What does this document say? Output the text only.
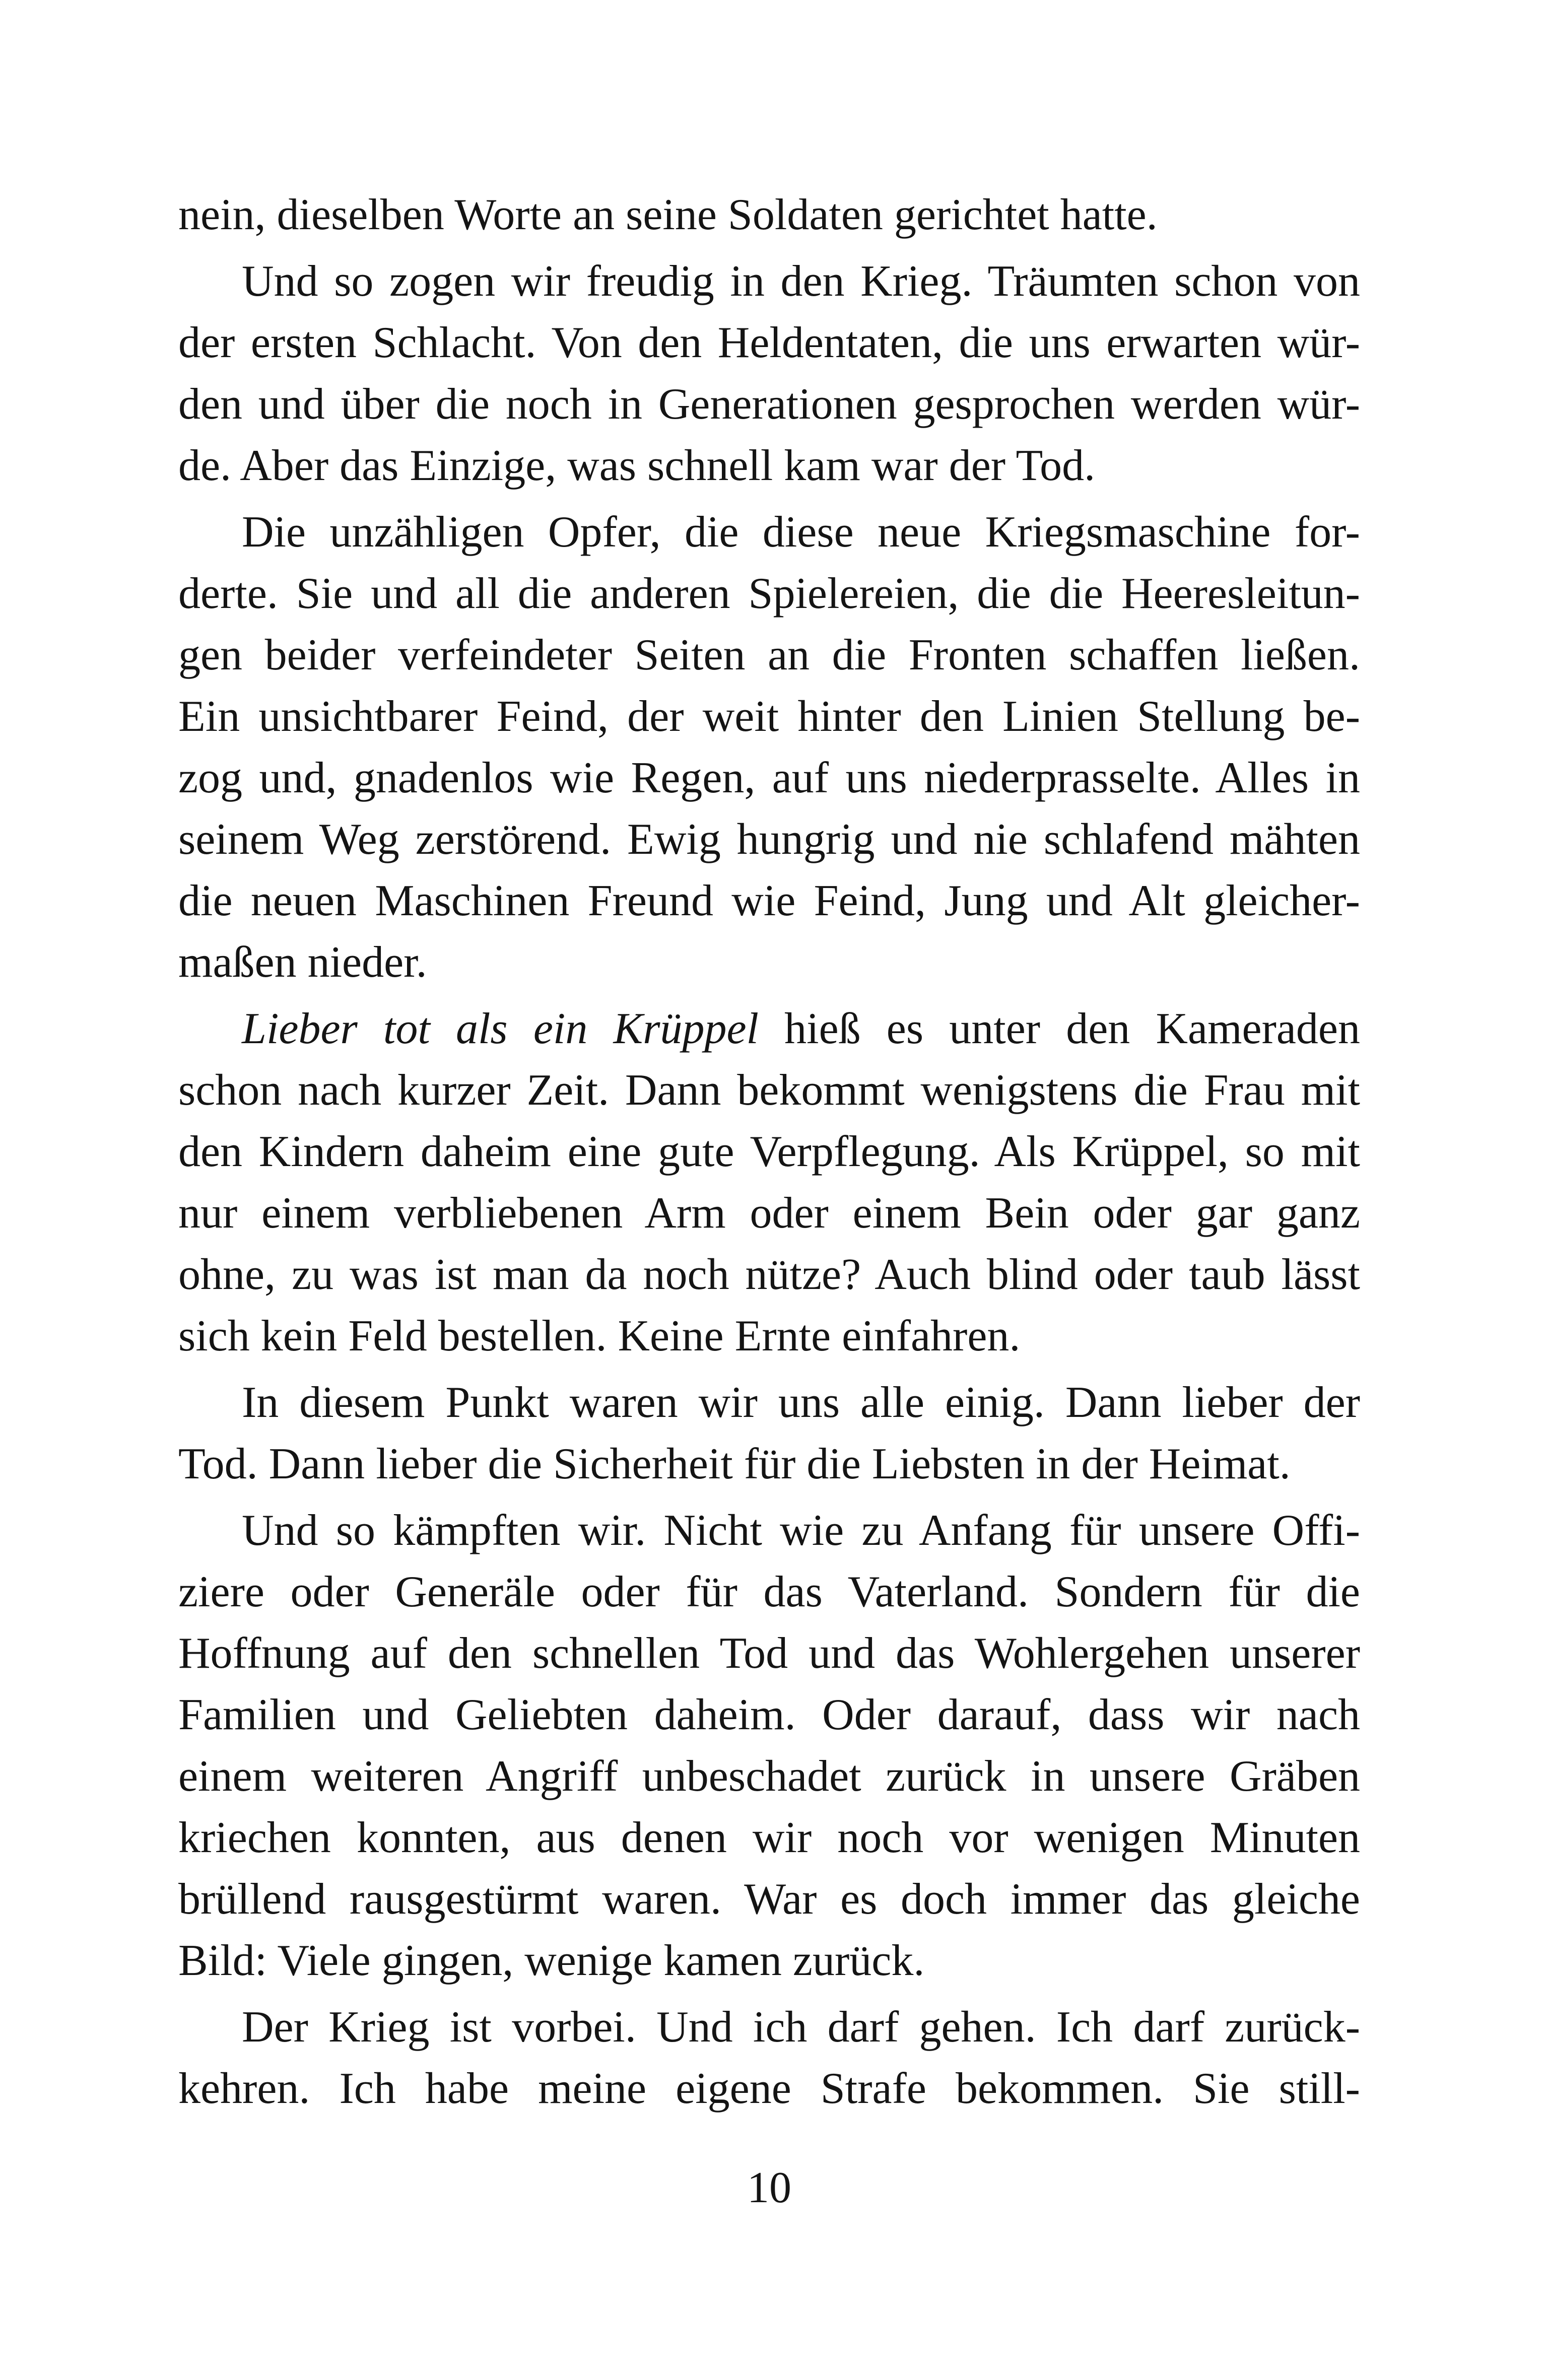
nein, dieselben Worte an seine Soldaten gerichtet hatte.
Und so zogen wir freudig in den Krieg. Träumten schon von
der ersten Schlacht. Von den Heldentaten, die uns erwarten wür-
den und über die noch in Generationen gesprochen werden wür-
de. Aber das Einzige, was schnell kam war der Tod.
Die unzähligen Opfer, die diese neue Kriegsmaschine for-
derte. Sie und all die anderen Spielereien, die die Heeresleitun-
gen beider verfeindeter Seiten an die Fronten schaffen ließen.
Ein unsichtbarer Feind, der weit hinter den Linien Stellung be-
zog und, gnadenlos wie Regen, auf uns niederprasselte. Alles in
seinem Weg zerstörend. Ewig hungrig und nie schlafend mähten
die neuen Maschinen Freund wie Feind, Jung und Alt gleicher-
maßen nieder.
Lieber tot als ein Krüppel hieß es unter den Kameraden
schon nach kurzer Zeit. Dann bekommt wenigstens die Frau mit
den Kindern daheim eine gute Verpflegung. Als Krüppel, so mit
nur einem verbliebenen Arm oder einem Bein oder gar ganz
ohne, zu was ist man da noch nütze? Auch blind oder taub lässt
sich kein Feld bestellen. Keine Ernte einfahren.
In diesem Punkt waren wir uns alle einig. Dann lieber der
Tod. Dann lieber die Sicherheit für die Liebsten in der Heimat.
Und so kämpften wir. Nicht wie zu Anfang für unsere Offi-
ziere oder Generäle oder für das Vaterland. Sondern für die
Hoffnung auf den schnellen Tod und das Wohlergehen unserer
Familien und Geliebten daheim. Oder darauf, dass wir nach
einem weiteren Angriff unbeschadet zurück in unsere Gräben
kriechen konnten, aus denen wir noch vor wenigen Minuten
brüllend rausgestürmt waren. War es doch immer das gleiche
Bild: Viele gingen, wenige kamen zurück.
Der Krieg ist vorbei. Und ich darf gehen. Ich darf zurück-
kehren. Ich habe meine eigene Strafe bekommen. Sie still-
10
